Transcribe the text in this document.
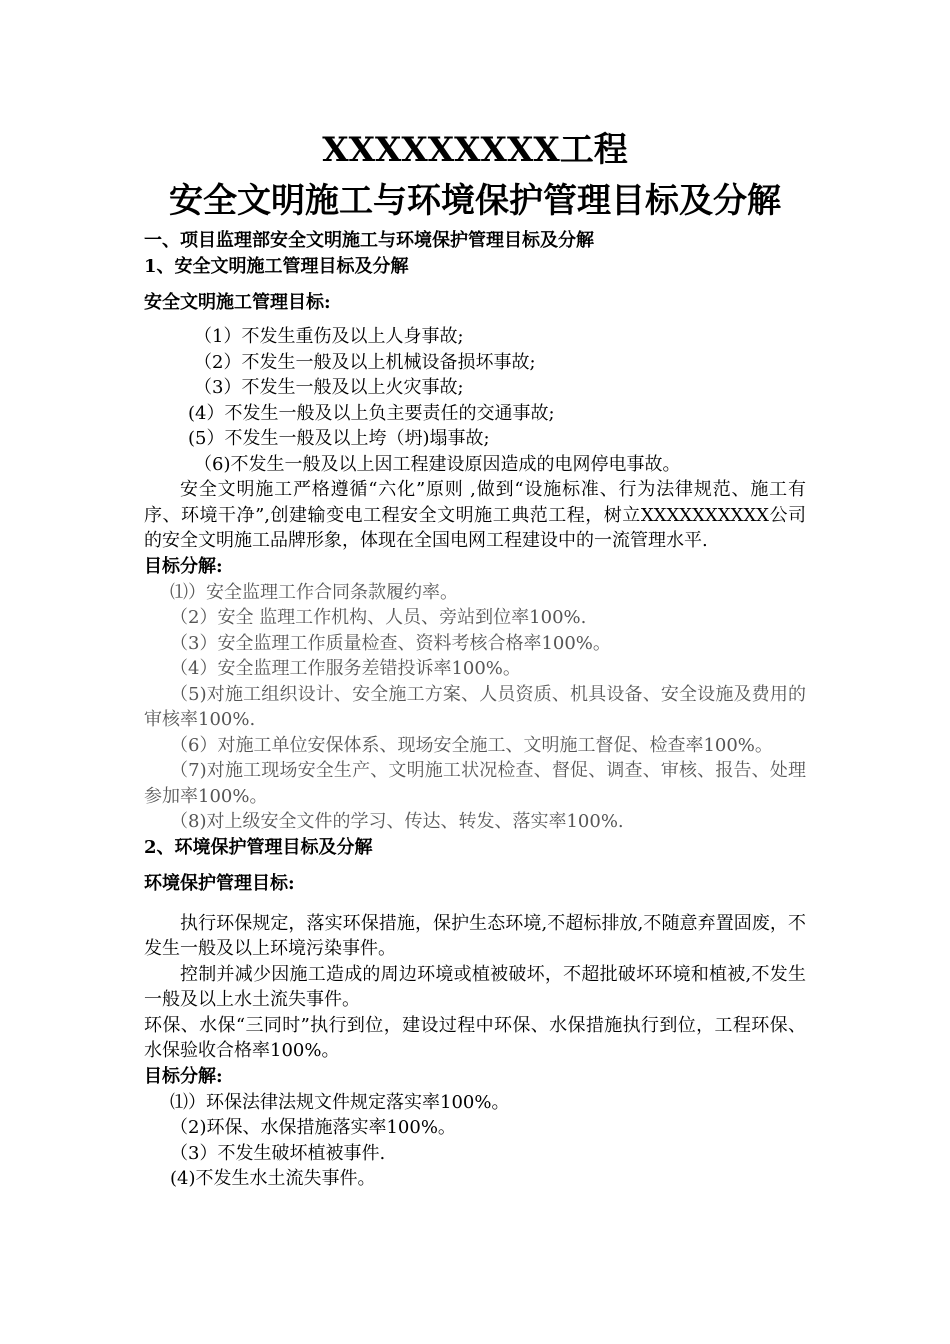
XXXXXXXXX工程
安全文明施工与环境保护管理目标及分解
一、项目监理部安全文明施工与环境保护管理目标及分解
1、安全文明施工管理目标及分解
安全文明施工管理目标:
（1）不发生重伤及以上人身事故;
（2）不发生一般及以上机械设备损坏事故;
（3）不发生一般及以上火灾事故;
(4）不发生一般及以上负主要责任的交通事故;
(5）不发生一般及以上垮（坍)塌事故;
（6)不发生一般及以上因工程建设原因造成的电网停电事故。
安全文明施工严格遵循“六化”原则 ,做到“设施标准、行为法律规范、施工有序、环境干净”,创建输变电工程安全文明施工典范工程，树立XXXXXXXXXX公司的安全文明施工品牌形象，体现在全国电网工程建设中的一流管理水平.
目标分解:
⑴）安全监理工作合同条款履约率。
（2）安全 监理工作机构、人员、旁站到位率100%.
（3）安全监理工作质量检查、资料考核合格率100%。
（4）安全监理工作服务差错投诉率100%。
（5)对施工组织设计、安全施工方案、人员资质、机具设备、安全设施及费用的审核率100%.
（6）对施工单位安保体系、现场安全施工、文明施工督促、检查率100%。
（7)对施工现场安全生产、文明施工状况检查、督促、调查、审核、报告、处理参加率100%。
（8)对上级安全文件的学习、传达、转发、落实率100%.
2、环境保护管理目标及分解
环境保护管理目标:
执行环保规定，落实环保措施，保护生态环境,不超标排放,不随意弃置固废，不发生一般及以上环境污染事件。
控制并减少因施工造成的周边环境或植被破坏，不超批破坏环境和植被,不发生一般及以上水土流失事件。
环保、水保“三同时”执行到位，建设过程中环保、水保措施执行到位，工程环保、水保验收合格率100%。
目标分解:
⑴）环保法律法规文件规定落实率100%。
（2)环保、水保措施落实率100%。
（3）不发生破坏植被事件.
(4)不发生水土流失事件。
